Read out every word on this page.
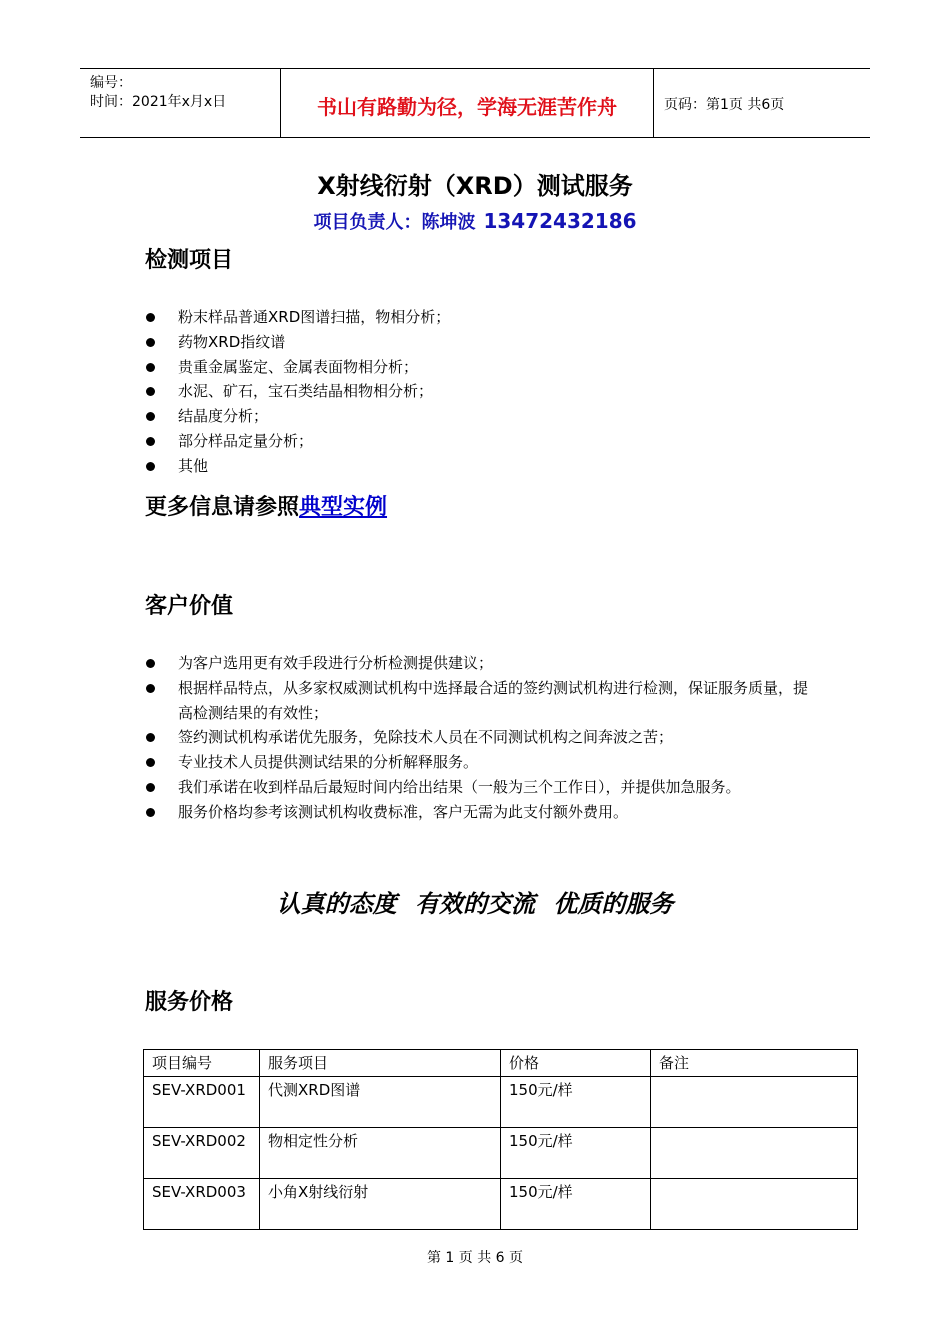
编号：
时间：2021年x月x日	书山有路勤为径，学海无涯苦作舟	页码：第1页 共6页
X射线衍射（XRD）测试服务
项目负责人：陈坤波 13472432186
检测项目
粉末样品普通XRD图谱扫描，物相分析；
药物XRD指纹谱
贵重金属鉴定、金属表面物相分析；
水泥、矿石，宝石类结晶相物相分析；
结晶度分析；
部分样品定量分析；
其他
更多信息请参照典型实例
客户价值
为客户选用更有效手段进行分析检测提供建议；
根据样品特点，从多家权威测试机构中选择最合适的签约测试机构进行检测，保证服务质量，提高检测结果的有效性；
签约测试机构承诺优先服务，免除技术人员在不同测试机构之间奔波之苦；
专业技术人员提供测试结果的分析解释服务。
我们承诺在收到样品后最短时间内给出结果（一般为三个工作日），并提供加急服务。
服务价格均参考该测试机构收费标准，客户无需为此支付额外费用。
认真的态度 有效的交流 优质的服务
服务价格
项目编号	服务项目	价格	备注
SEV-XRD001	代测XRD图谱	150元/样	
SEV-XRD002	物相定性分析	150元/样	
SEV-XRD003	小角X射线衍射	150元/样	
第 1 页 共 6 页
